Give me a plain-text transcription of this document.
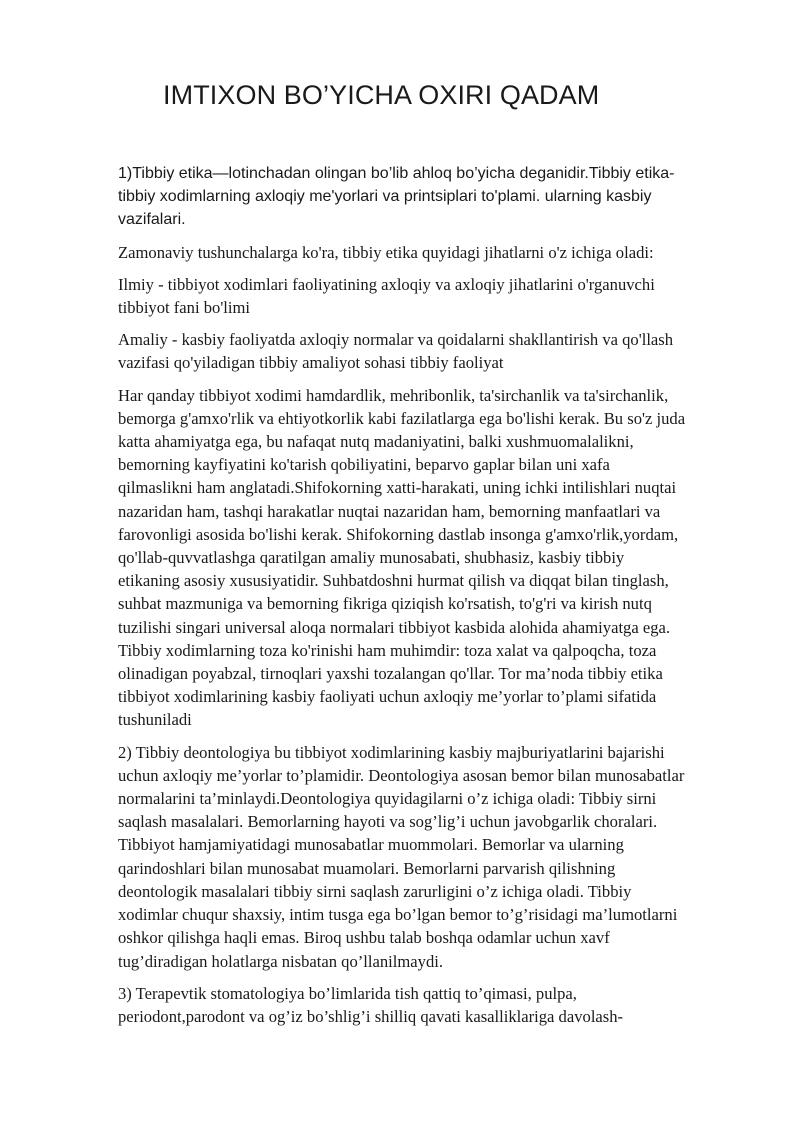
IMTIXON BO’YICHA OXIRI QADAM

1)Tibbiy etika—lotinchadan olingan bo’lib ahloq bo’yicha deganidir.Tibbiy etika- tibbiy xodimlarning axloqiy me'yorlari va printsiplari to'plami. ularning kasbiy vazifalari.

Zamonaviy tushunchalarga ko'ra, tibbiy etika quyidagi jihatlarni o'z ichiga oladi:

Ilmiy - tibbiyot xodimlari faoliyatining axloqiy va axloqiy jihatlarini o'rganuvchi tibbiyot fani bo'limi

Amaliy - kasbiy faoliyatda axloqiy normalar va qoidalarni shakllantirish va qo'llash vazifasi qo'yiladigan tibbiy amaliyot sohasi tibbiy faoliyat

Har qanday tibbiyot xodimi hamdardlik, mehribonlik, ta'sirchanlik va ta'sirchanlik, bemorga g'amxo'rlik va ehtiyotkorlik kabi fazilatlarga ega bo'lishi kerak. Bu so'z juda katta ahamiyatga ega, bu nafaqat nutq madaniyatini, balki xushmuomalalikni, bemorning kayfiyatini ko'tarish qobiliyatini, beparvo gaplar bilan uni xafa qilmaslikni ham anglatadi.Shifokorning xatti-harakati, uning ichki intilishlari nuqtai nazaridan ham, tashqi harakatlar nuqtai nazaridan ham, bemorning manfaatlari va farovonligi asosida bo'lishi kerak. Shifokorning dastlab insonga g'amxo'rlik,yordam, qo'llab-quvvatlashga qaratilgan amaliy munosabati, shubhasiz, kasbiy tibbiy etikaning asosiy xususiyatidir. Suhbatdoshni hurmat qilish va diqqat bilan tinglash, suhbat mazmuniga va bemorning fikriga qiziqish ko'rsatish, to'g'ri va kirish nutq tuzilishi singari universal aloqa normalari tibbiyot kasbida alohida ahamiyatga ega. Tibbiy xodimlarning toza ko'rinishi ham muhimdir: toza xalat va qalpoqcha, toza olinadigan poyabzal, tirnoqlari yaxshi tozalangan qo'llar. Tor ma’noda tibbiy etika tibbiyot xodimlarining kasbiy faoliyati uchun axloqiy me’yorlar to’plami sifatida tushuniladi

2) Tibbiy deontologiya bu tibbiyot xodimlarining kasbiy majburiyatlarini bajarishi uchun axloqiy me’yorlar to’plamidir. Deontologiya asosan bemor bilan munosabatlar normalarini ta’minlaydi.Deontologiya quyidagilarni o’z ichiga oladi: Tibbiy sirni saqlash masalalari. Bemorlarning hayoti va sog’lig’i uchun javobgarlik choralari. Tibbiyot hamjamiyatidagi munosabatlar muommolari. Bemorlar va ularning qarindoshlari bilan munosabat muamolari. Bemorlarni parvarish qilishning deontologik masalalari tibbiy sirni saqlash zarurligini o’z ichiga oladi. Tibbiy xodimlar chuqur shaxsiy, intim tusga ega bo’lgan bemor to’g’risidagi ma’lumotlarni oshkor qilishga haqli emas. Biroq ushbu talab boshqa odamlar uchun xavf tug’diradigan holatlarga nisbatan qo’llanilmaydi.

3) Terapevtik stomatologiya bo’limlarida tish qattiq to’qimasi, pulpa, periodont,parodont va og’iz bo’shlig’i shilliq qavati kasalliklariga davolash-
